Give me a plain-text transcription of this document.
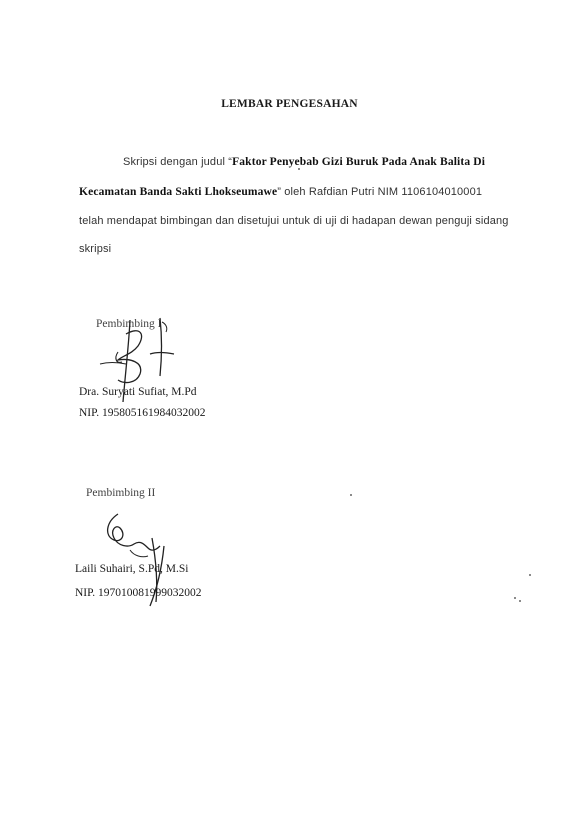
LEMBAR PENGESAHAN
Skripsi dengan judul “Faktor Penyebab Gizi Buruk Pada Anak Balita Di
Kecamatan Banda Sakti Lhokseumawe” oleh Rafdian Putri NIM 1106104010001
telah mendapat bimbingan dan disetujui untuk di uji di hadapan dewan penguji sidang
skripsi
Pembimbing I
Dra. Suryati Sufiat, M.Pd
NIP. 195805161984032002
Pembimbing II
Laili Suhairi, S.Pd, M.Si
NIP. 197010081999032002
